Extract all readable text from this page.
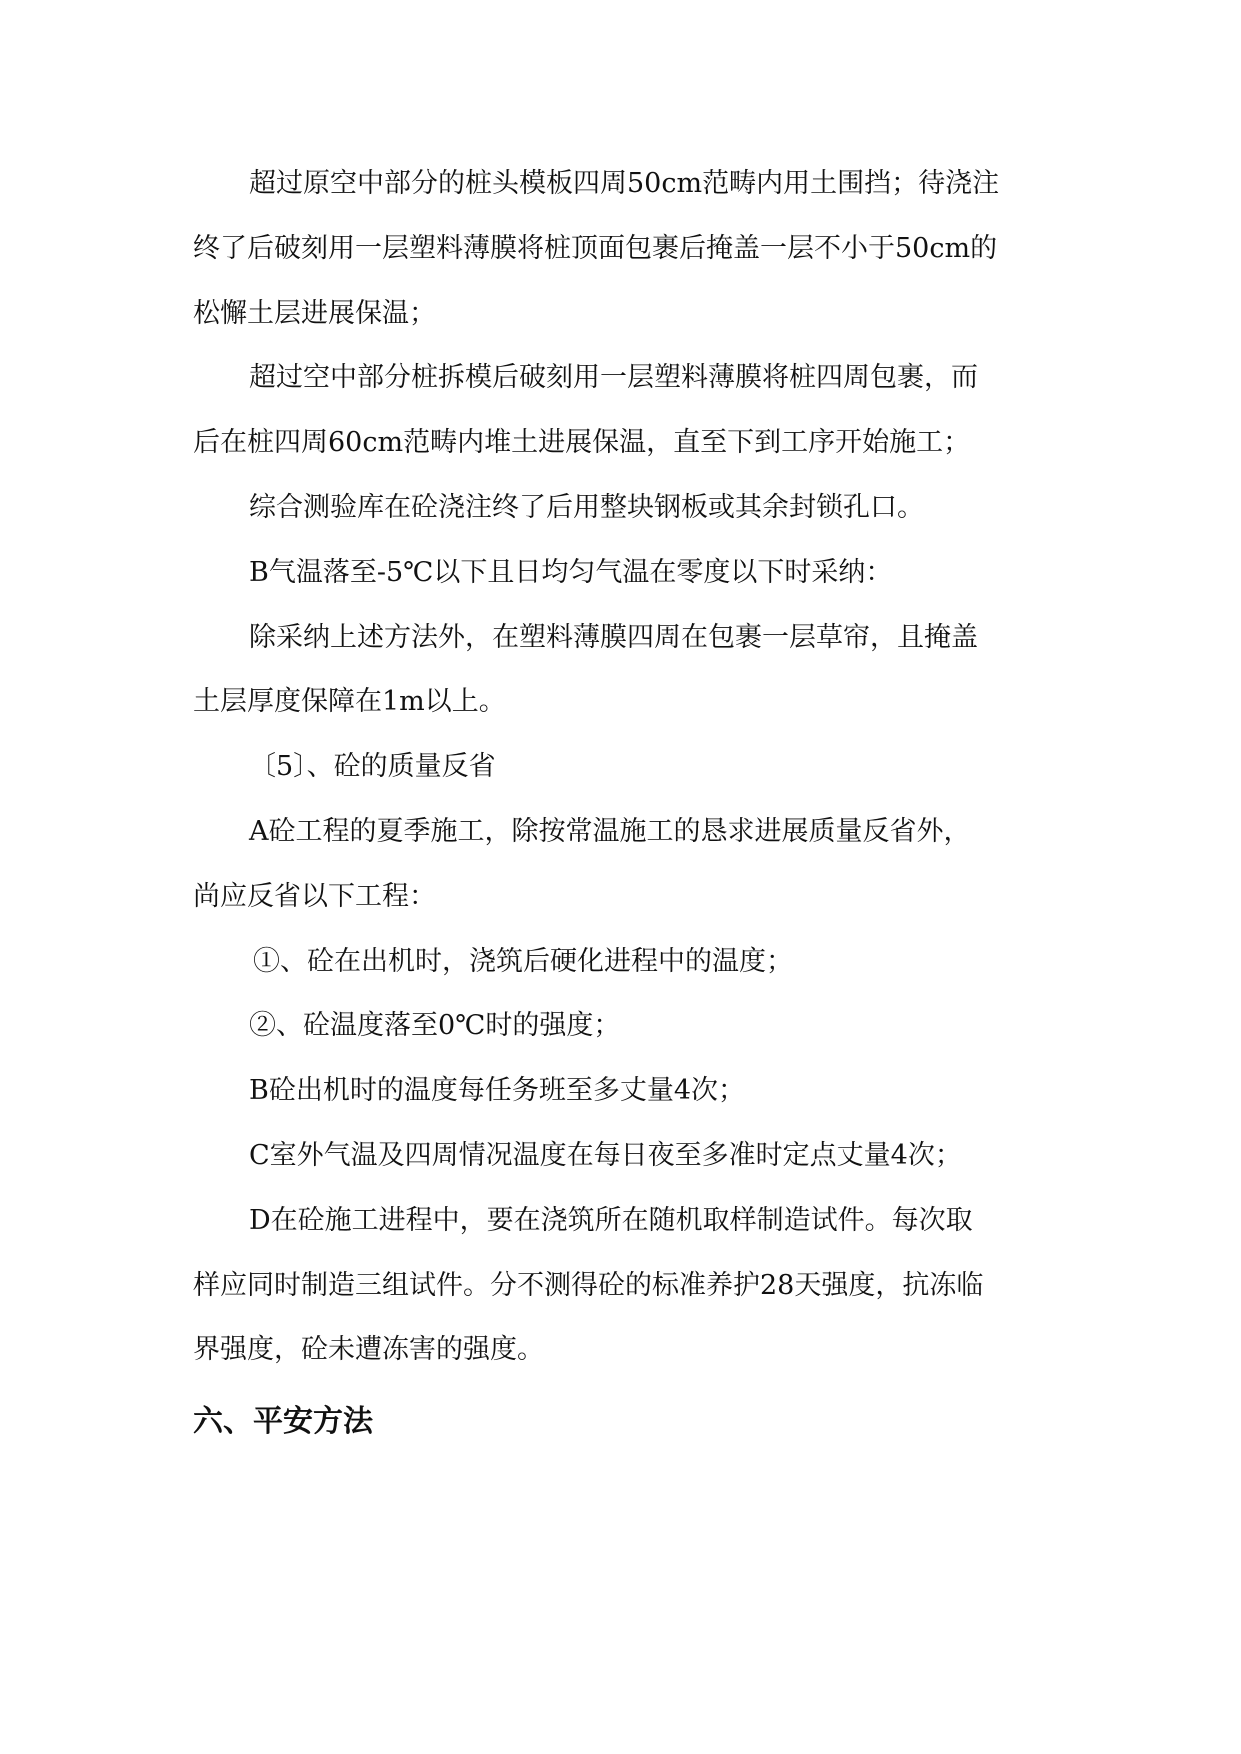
超过原空中部分的桩头模板四周50cm范畴内用土围挡；待浇注

终了后破刻用一层塑料薄膜将桩顶面包裹后掩盖一层不小于50cm的

松懈土层进展保温；

超过空中部分桩拆模后破刻用一层塑料薄膜将桩四周包裹，而

后在桩四周60cm范畴内堆土进展保温，直至下到工序开始施工；

综合测验库在砼浇注终了后用整块钢板或其余封锁孔口。

B气温落至-5℃以下且日均匀气温在零度以下时采纳：

除采纳上述方法外，在塑料薄膜四周在包裹一层草帘，且掩盖

土层厚度保障在1m以上。

〔5〕、砼的质量反省

A砼工程的夏季施工，除按常温施工的恳求进展质量反省外，

尚应反省以下工程：

①、砼在出机时，浇筑后硬化进程中的温度；

②、砼温度落至0℃时的强度；

B砼出机时的温度每任务班至多丈量4次；

C室外气温及四周情况温度在每日夜至多准时定点丈量4次；

D在砼施工进程中，要在浇筑所在随机取样制造试件。每次取

样应同时制造三组试件。分不测得砼的标准养护28天强度，抗冻临

界强度，砼未遭冻害的强度。

六、平安方法
